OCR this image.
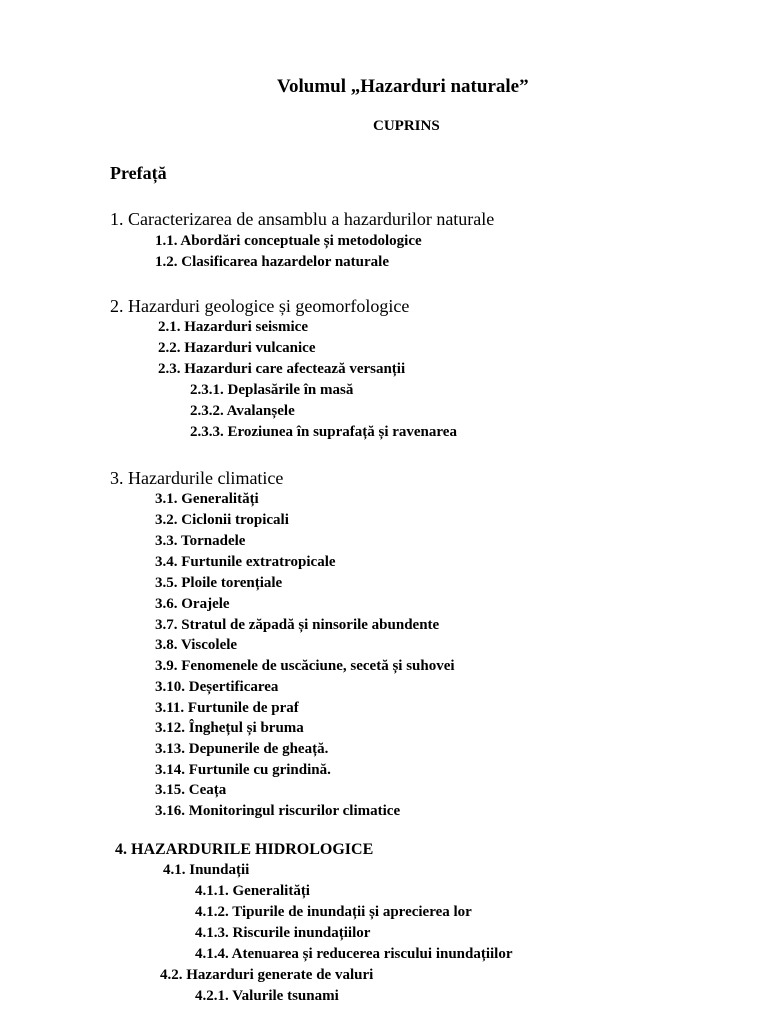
Volumul „Hazarduri naturale”
CUPRINS
Prefață
1. Caracterizarea de ansamblu a hazardurilor naturale
1.1. Abordări conceptuale și metodologice
1.2. Clasificarea hazardelor naturale
2. Hazarduri geologice și geomorfologice
2.1. Hazarduri seismice
2.2. Hazarduri vulcanice
2.3. Hazarduri care afectează versanții
2.3.1. Deplasările în masă
2.3.2. Avalanșele
2.3.3. Eroziunea în suprafață și ravenarea
3. Hazardurile climatice
3.1. Generalități
3.2. Ciclonii tropicali
3.3. Tornadele
3.4. Furtunile extratropicale
3.5. Ploile torențiale
3.6. Orajele
3.7. Stratul de zăpadă și ninsorile abundente
3.8. Viscolele
3.9. Fenomenele de uscăciune, secetă și suhovei
3.10. Deșertificarea
3.11. Furtunile de praf
3.12. Înghețul și bruma
3.13. Depunerile de gheață.
3.14. Furtunile cu grindină.
3.15. Ceața
3.16. Monitoringul riscurilor climatice
4. HAZARDURILE HIDROLOGICE
4.1. Inundații
4.1.1. Generalități
4.1.2. Tipurile de inundații și aprecierea lor
4.1.3. Riscurile inundațiilor
4.1.4. Atenuarea și reducerea riscului inundațiilor
4.2. Hazarduri generate de valuri
4.2.1. Valurile tsunami
